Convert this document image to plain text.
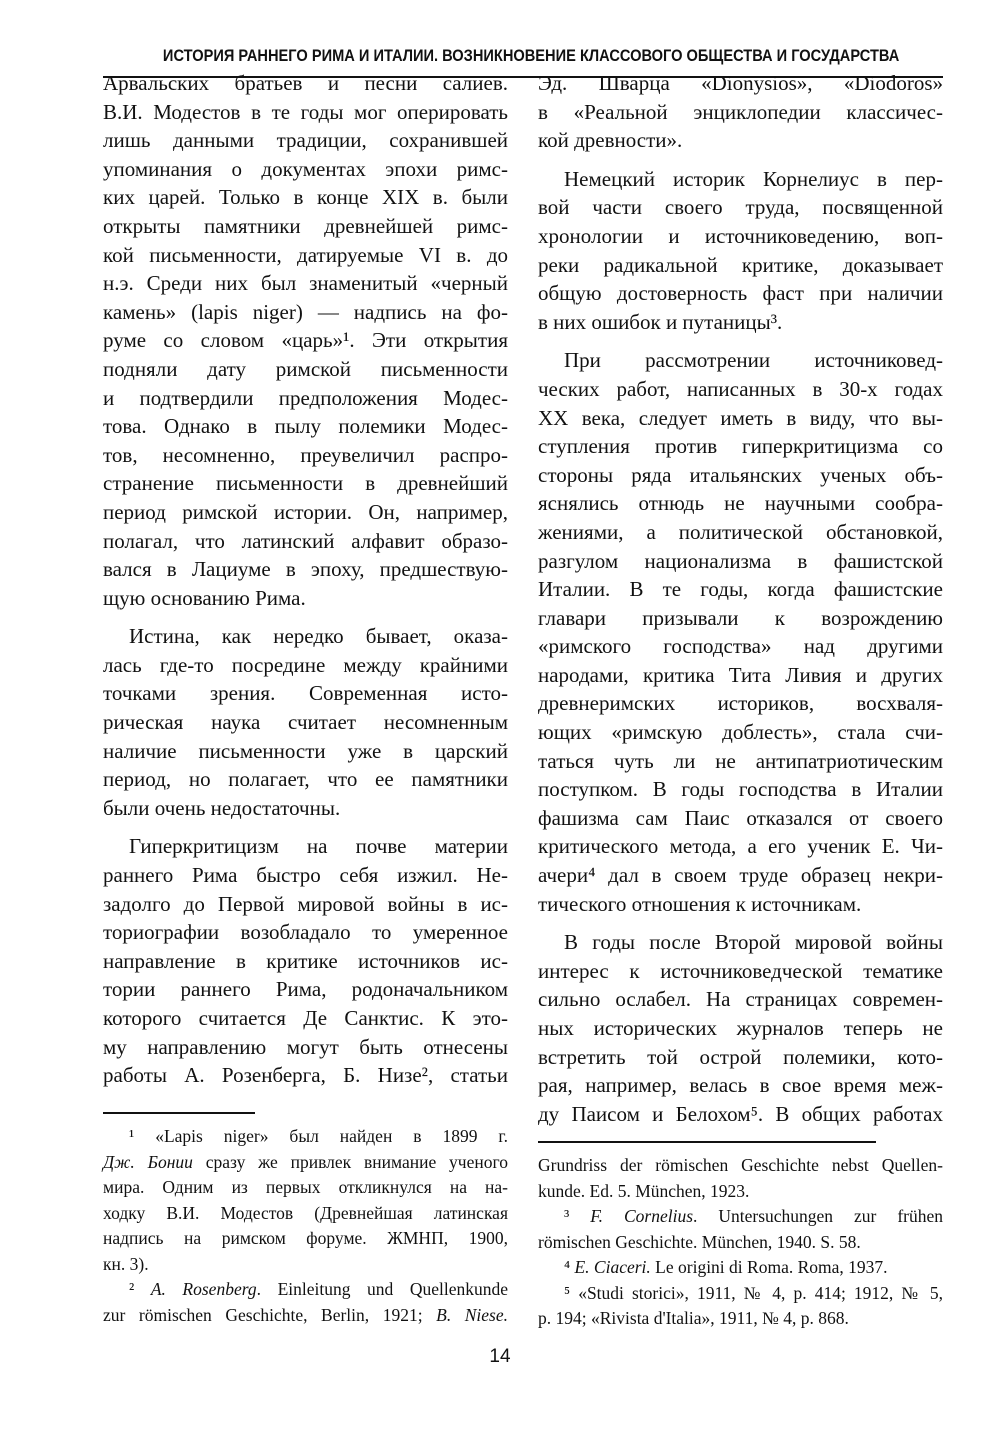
ИСТОРИЯ РАННЕГО РИМА И ИТАЛИИ. ВОЗНИКНОВЕНИЕ КЛАССОВОГО ОБЩЕСТВА И ГОСУДАРСТВА
Арвальских братьев и песни салиев.
В.И. Модестов в те годы мог оперировать
лишь данными традиции, сохранившей
упоминания о документах эпохи римс-
ких царей. Только в конце XIX в. были
открыты памятники древнейшей римс-
кой письменности, датируемые VI в. до
н.э. Среди них был знаменитый «черный
камень» (lapis niger) — надпись на фо-
руме со словом «царь»¹. Эти открытия
подняли дату римской письменности
и подтвердили предположения Модес-
това. Однако в пылу полемики Модес-
тов, несомненно, преувеличил распро-
странение письменности в древнейший
период римской истории. Он, например,
полагал, что латинский алфавит образо-
вался в Лациуме в эпоху, предшествую-
щую основанию Рима.
Истина, как нередко бывает, оказа-
лась где-то посредине между крайними
точками зрения. Современная исто-
рическая наука считает несомненным
наличие письменности уже в царский
период, но полагает, что ее памятники
были очень недостаточны.
Гиперкритицизм на почве материи
раннего Рима быстро себя изжил. Не-
задолго до Первой мировой войны в ис-
ториографии возобладало то умеренное
направление в критике источников ис-
тории раннего Рима, родоначальником
которого считается Де Санктис. К это-
му направлению могут быть отнесены
работы А. Розенберга, Б. Низе², статьи
Эд. Шварца «Dionysios», «Diodoros»
в «Реальной энциклопедии классичес-
кой древности».
Немецкий историк Корнелиус в пер-
вой части своего труда, посвященной
хронологии и источниковедению, воп-
реки радикальной критике, доказывает
общую достоверность фаст при наличии
в них ошибок и путаницы³.
При рассмотрении источниковед-
ческих работ, написанных в 30-х годах
XX века, следует иметь в виду, что вы-
ступления против гиперкритицизма со
стороны ряда итальянских ученых объ-
яснялись отнюдь не научными сообра-
жениями, а политической обстановкой,
разгулом национализма в фашистской
Италии. В те годы, когда фашистские
главари призывали к возрождению
«римского господства» над другими
народами, критика Тита Ливия и других
древнеримских историков, восхваля-
ющих «римскую доблесть», стала счи-
таться чуть ли не антипатриотическим
поступком. В годы господства в Италии
фашизма сам Паис отказался от своего
критического метода, а его ученик Е. Чи-
ачери⁴ дал в своем труде образец некри-
тического отношения к источникам.
В годы после Второй мировой войны
интерес к источниковедческой тематике
сильно ослабел. На страницах современ-
ных исторических журналов теперь не
встретить той острой полемики, кото-
рая, например, велась в свое время меж-
ду Паисом и Белохом⁵. В общих работах
¹ «Lapis niger» был найден в 1899 г.
Дж. Бонии сразу же привлек внимание ученого
мира. Одним из первых откликнулся на на-
ходку В.И. Модестов (Древнейшая латинская
надпись на римском форуме. ЖМНП, 1900,
кн. 3).
² A. Rosenberg. Einleitung und Quellenkunde
zur römischen Geschichte, Berlin, 1921; B. Niese.
Grundriss der römischen Geschichte nebst Quellen-
kunde. Ed. 5. München, 1923.
³ F. Cornelius. Untersuchungen zur frühen
römischen Geschichte. München, 1940. S. 58.
⁴ E. Ciaceri. Le origini di Roma. Roma, 1937.
⁵ «Studi storici», 1911, № 4, p. 414; 1912, № 5,
p. 194; «Rivista d'Italia», 1911, № 4, p. 868.
14
